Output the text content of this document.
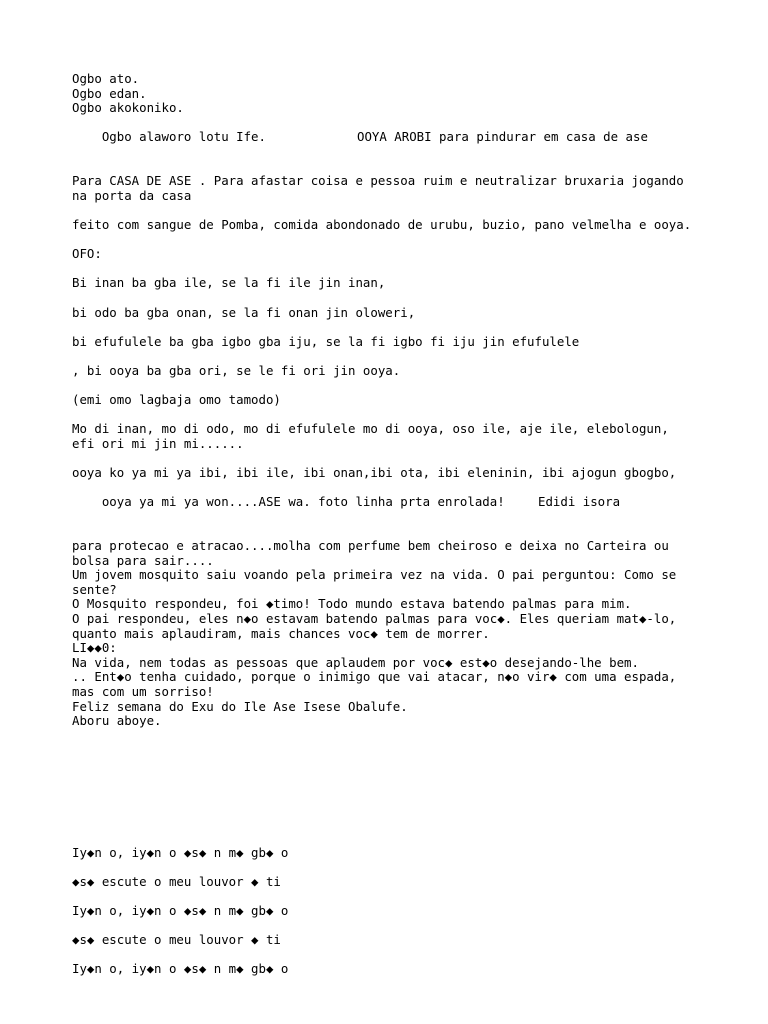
Ogbo ato.
Ogbo edan.
Ogbo akokoniko.

Ogbo alaworo lotu Ife.	OOYA AROBI para pindurar em casa de ase

Para CASA DE ASE . Para afastar coisa e pessoa ruim e neutralizar bruxaria jogando
na porta da casa
feito com sangue de Pomba, comida abondonado de urubu, buzio, pano velmelha e ooya.
OFO:
Bi inan ba gba ile, se la fi ile jin inan,
bi odo ba gba onan, se la fi onan jin oloweri,
bi efufulele ba gba igbo gba iju, se la fi igbo fi iju jin efufulele
, bi ooya ba gba ori, se le fi ori jin ooya.
(emi omo lagbaja omo tamodo)
Mo di inan, mo di odo, mo di efufulele mo di ooya, oso ile, aje ile, elebologun,
efi ori mi jin mi......
ooya ko ya mi ya ibi, ibi ile, ibi onan,ibi ota, ibi eleninin, ibi ajogun gbogbo,

ooya ya mi ya won....ASE wa. foto linha prta enrolada!	Edidi isora

para protecao e atracao....molha com perfume bem cheiroso e deixa no Carteira ou
bolsa para sair....
Um jovem mosquito saiu voando pela primeira vez na vida. O pai perguntou: Como se
sente?
O Mosquito respondeu, foi ◆timo! Todo mundo estava batendo palmas para mim.
O pai respondeu, eles n◆o estavam batendo palmas para voc◆. Eles queriam mat◆-lo,
quanto mais aplaudiram, mais chances voc◆ tem de morrer.
LI◆◆0:
Na vida, nem todas as pessoas que aplaudem por voc◆ est◆o desejando-lhe bem.
.. Ent◆o tenha cuidado, porque o inimigo que vai atacar, n◆o vir◆ com uma espada,
mas com um sorriso!
Feliz semana do Exu do Ile Ase Isese Obalufe.
Aboru aboye.
Iy◆n o, iy◆n o ◆s◆ n m◆ gb◆ o
◆s◆ escute o meu louvor ◆ ti
Iy◆n o, iy◆n o ◆s◆ n m◆ gb◆ o
◆s◆ escute o meu louvor ◆ ti
Iy◆n o, iy◆n o ◆s◆ n m◆ gb◆ o
